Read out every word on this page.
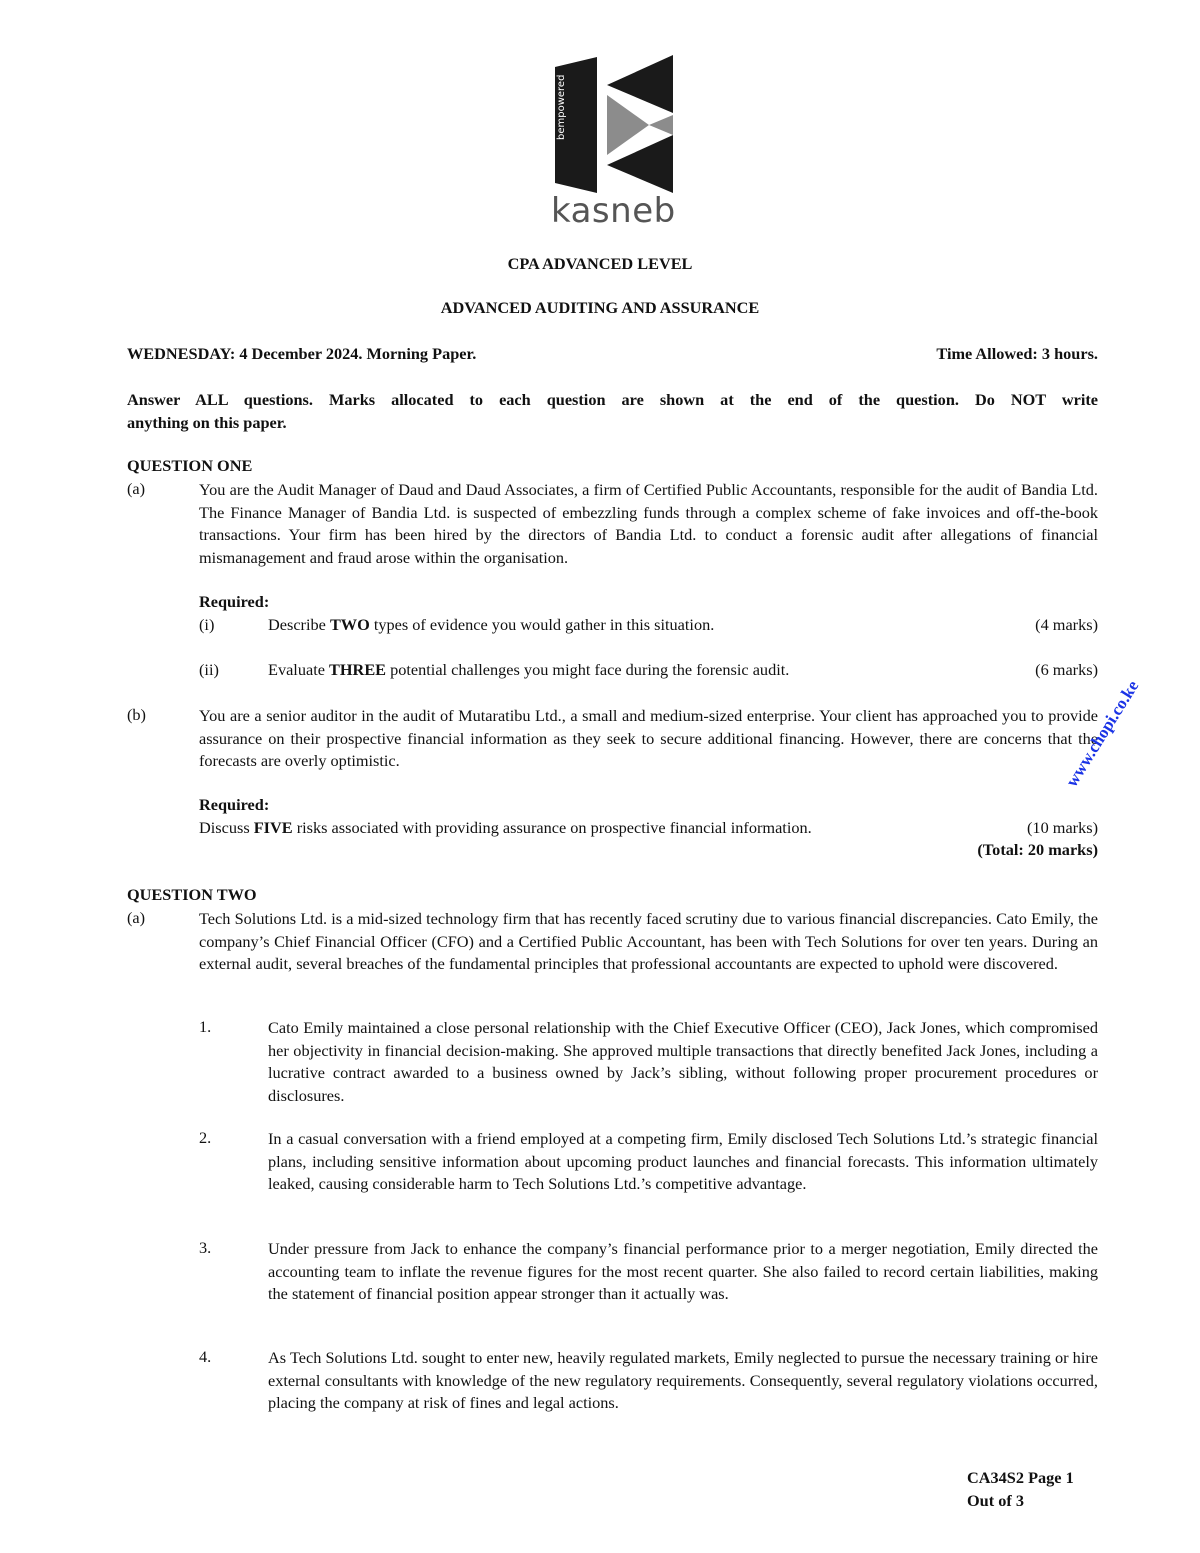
bempowered
kasneb
CPA ADVANCED LEVEL
ADVANCED AUDITING AND ASSURANCE
WEDNESDAY: 4 December 2024. Morning Paper.	Time Allowed: 3 hours.
Answer ALL questions. Marks allocated to each question are shown at the end of the question. Do NOT write
anything on this paper.
QUESTION ONE
(a)	You are the Audit Manager of Daud and Daud Associates, a firm of Certified Public Accountants, responsible for the audit of Bandia Ltd. The Finance Manager of Bandia Ltd. is suspected of embezzling funds through a complex scheme of fake invoices and off-the-book transactions. Your firm has been hired by the directors of Bandia Ltd. to conduct a forensic audit after allegations of financial mismanagement and fraud arose within the organisation.
Required:
(i)	Describe TWO types of evidence you would gather in this situation.	(4 marks)
(ii)	Evaluate THREE potential challenges you might face during the forensic audit.	(6 marks)
(b)	You are a senior auditor in the audit of Mutaratibu Ltd., a small and medium-sized enterprise. Your client has approached you to provide assurance on their prospective financial information as they seek to secure additional financing. However, there are concerns that the forecasts are overly optimistic.
Required:
Discuss FIVE risks associated with providing assurance on prospective financial information.	(10 marks)
(Total: 20 marks)
QUESTION TWO
(a)	Tech Solutions Ltd. is a mid-sized technology firm that has recently faced scrutiny due to various financial discrepancies. Cato Emily, the company’s Chief Financial Officer (CFO) and a Certified Public Accountant, has been with Tech Solutions for over ten years. During an external audit, several breaches of the fundamental principles that professional accountants are expected to uphold were discovered.
1.	Cato Emily maintained a close personal relationship with the Chief Executive Officer (CEO), Jack Jones, which compromised her objectivity in financial decision-making. She approved multiple transactions that directly benefited Jack Jones, including a lucrative contract awarded to a business owned by Jack’s sibling, without following proper procurement procedures or disclosures.
2.	In a casual conversation with a friend employed at a competing firm, Emily disclosed Tech Solutions Ltd.’s strategic financial plans, including sensitive information about upcoming product launches and financial forecasts. This information ultimately leaked, causing considerable harm to Tech Solutions Ltd.’s competitive advantage.
3.	Under pressure from Jack to enhance the company’s financial performance prior to a merger negotiation, Emily directed the accounting team to inflate the revenue figures for the most recent quarter. She also failed to record certain liabilities, making the statement of financial position appear stronger than it actually was.
4.	As Tech Solutions Ltd. sought to enter new, heavily regulated markets, Emily neglected to pursue the necessary training or hire external consultants with knowledge of the new regulatory requirements. Consequently, several regulatory violations occurred, placing the company at risk of fines and legal actions.
CA34S2 Page 1
Out of 3
www.chopi.co.ke
